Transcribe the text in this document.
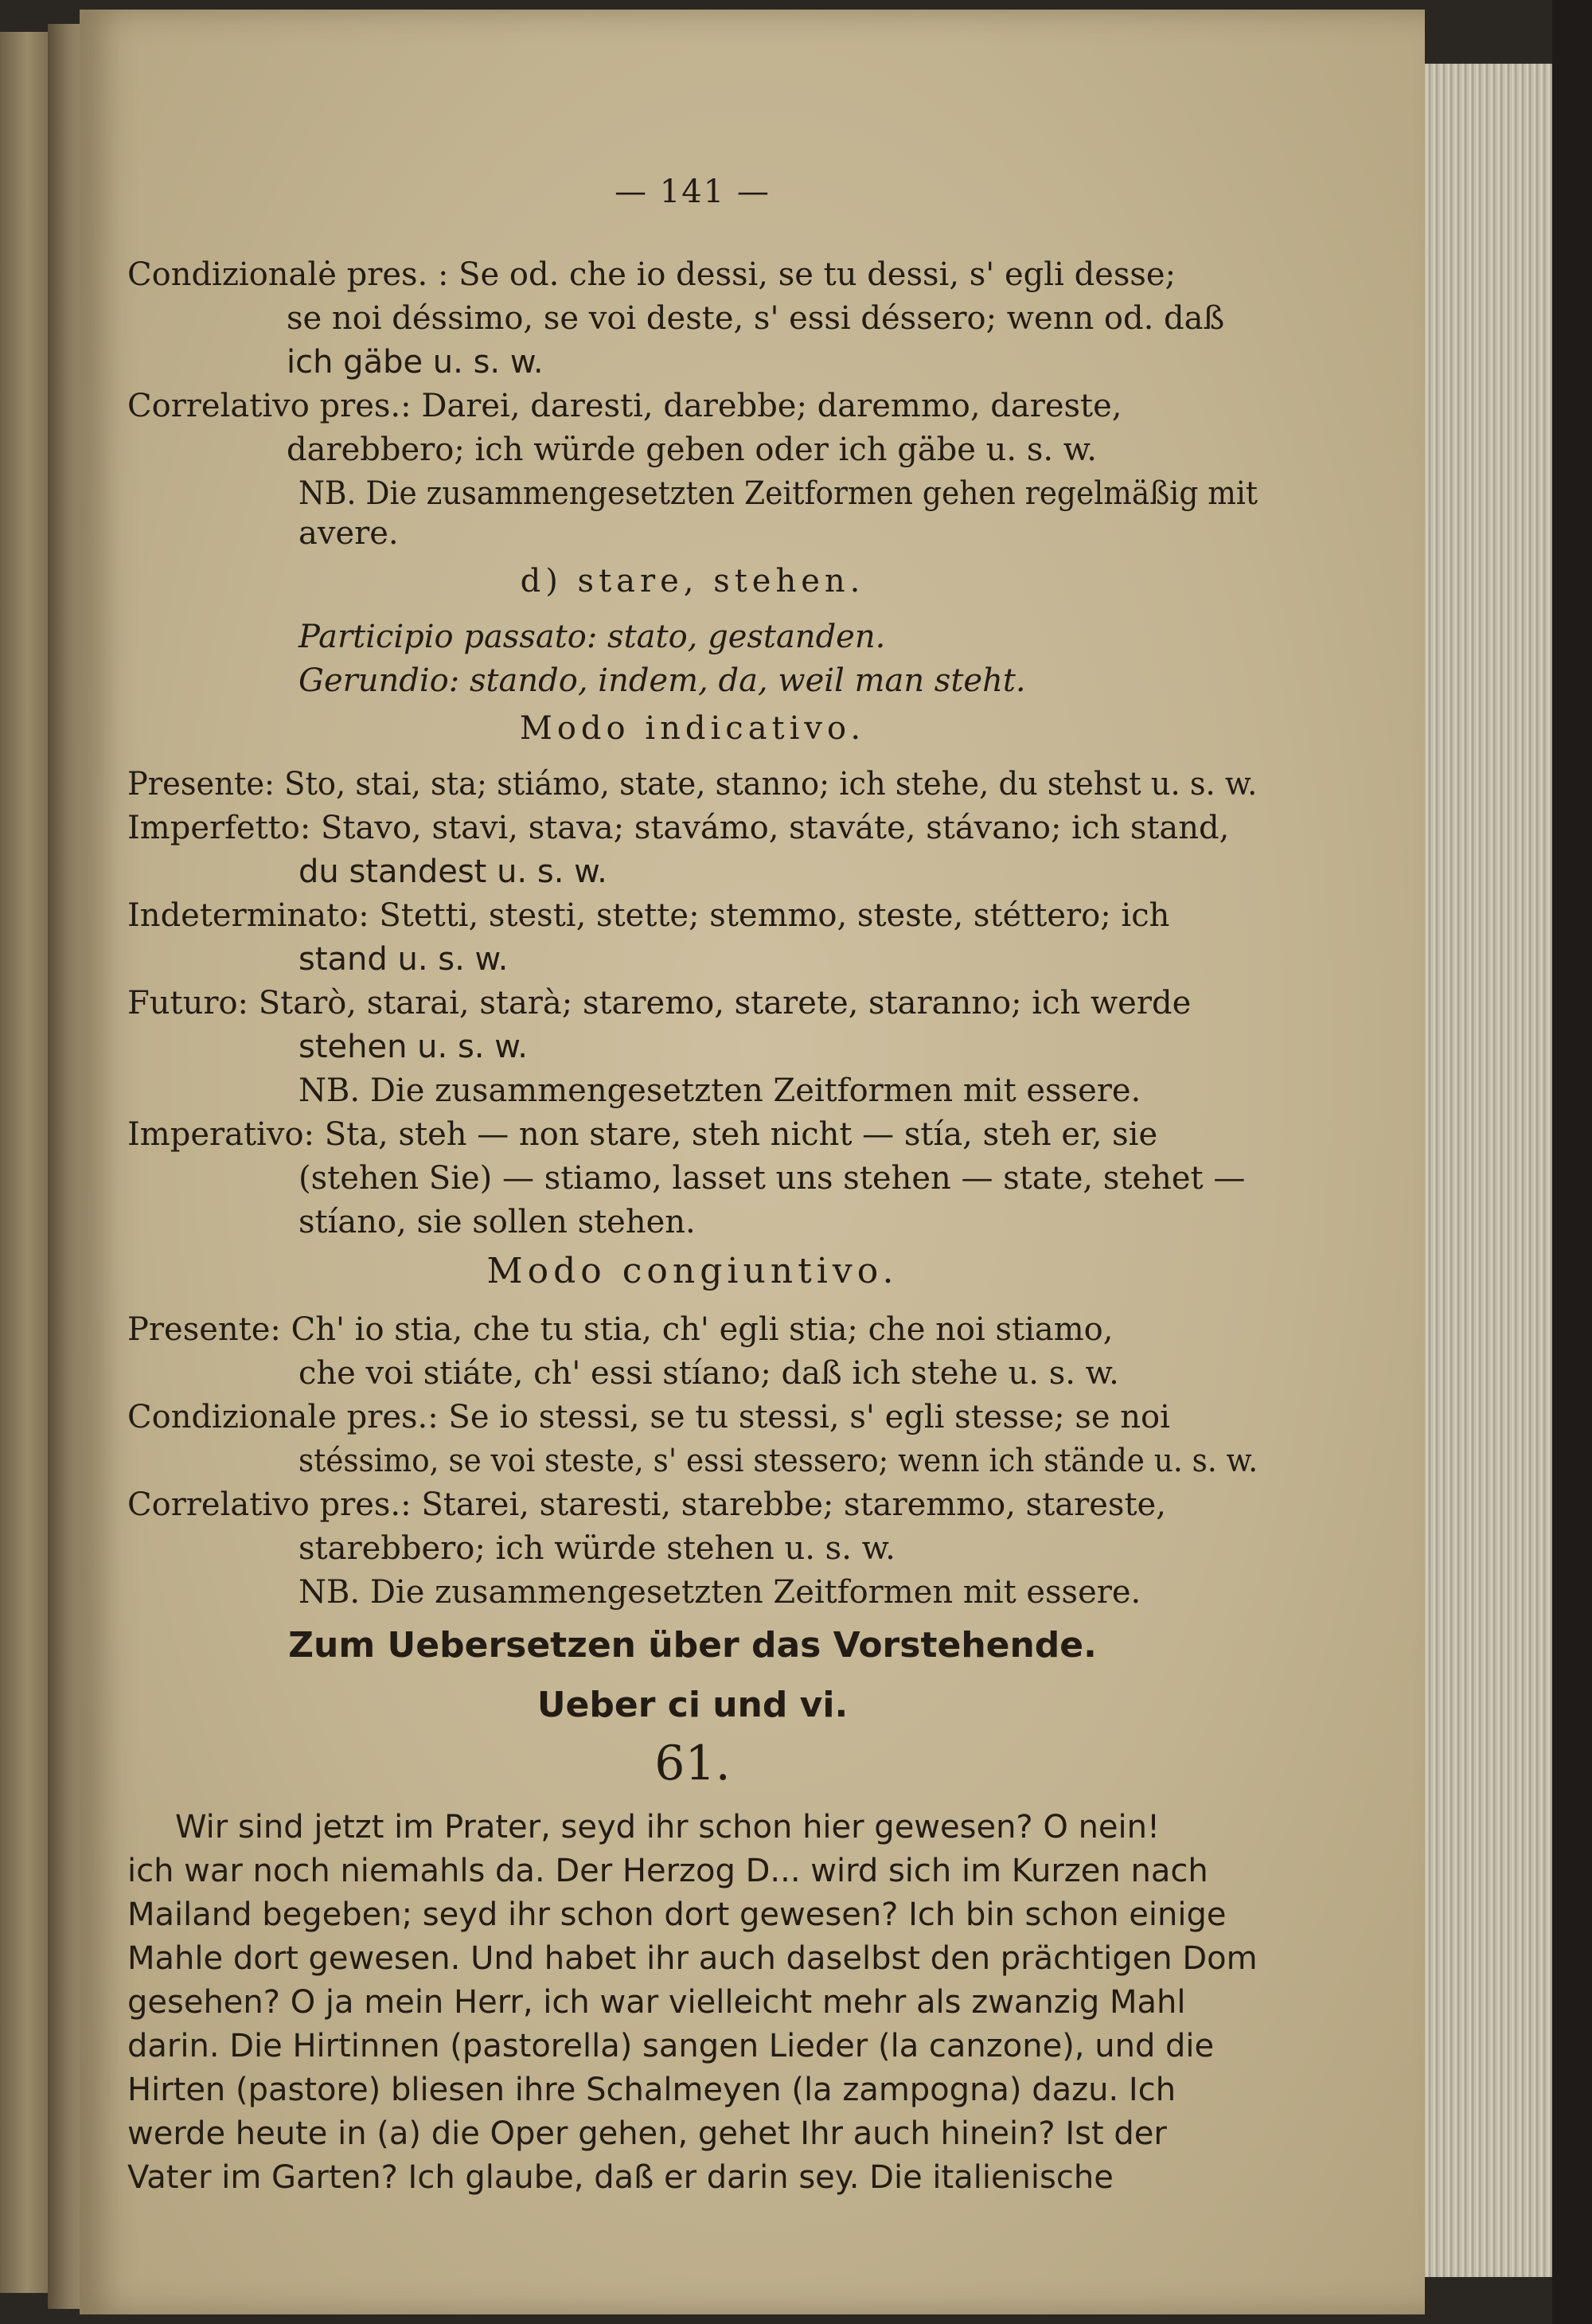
— 141 —
Condizionalė pres. : Se od. che io dessi, se tu dessi, s' egli desse;
se noi déssimo, se voi deste, s' essi déssero; wenn od. daß
ich gäbe u. s. w.
Correlativo pres.: Darei, daresti, darebbe; daremmo, dareste,
darebbero; ich würde geben oder ich gäbe u. s. w.
NB. Die zusammengesetzten Zeitformen gehen regelmäßig mit
avere.
d) stare, stehen.
Participio passato: stato, gestanden.
Gerundio: stando, indem, da, weil man steht.
Modo indicativo.
Presente: Sto, stai, sta; stiámo, state, stanno; ich stehe, du stehst u. s. w.
Imperfetto: Stavo, stavi, stava; stavámo, staváte, stávano; ich stand,
du standest u. s. w.
Indeterminato: Stetti, stesti, stette; stemmo, steste, stéttero; ich
stand u. s. w.
Futuro: Starò, starai, starà; staremo, starete, staranno; ich werde
stehen u. s. w.
NB. Die zusammengesetzten Zeitformen mit essere.
Imperativo: Sta, steh — non stare, steh nicht — stía, steh er, sie
(stehen Sie) — stiamo, lasset uns stehen — state, stehet —
stíano, sie sollen stehen.
Modo congiuntivo.
Presente: Ch' io stia, che tu stia, ch' egli stia; che noi stiamo,
che voi stiáte, ch' essi stíano; daß ich stehe u. s. w.
Condizionale pres.: Se io stessi, se tu stessi, s' egli stesse; se noi
stéssimo, se voi steste, s' essi stessero; wenn ich stände u. s. w.
Correlativo pres.: Starei, staresti, starebbe; staremmo, stareste,
starebbero; ich würde stehen u. s. w.
NB. Die zusammengesetzten Zeitformen mit essere.
Zum Uebersetzen über das Vorstehende.
Ueber ci und vi.
61.
Wir sind jetzt im Prater, seyd ihr schon hier gewesen? O nein!
ich war noch niemahls da. Der Herzog D... wird sich im Kurzen nach
Mailand begeben; seyd ihr schon dort gewesen? Ich bin schon einige
Mahle dort gewesen. Und habet ihr auch daselbst den prächtigen Dom
gesehen? O ja mein Herr, ich war vielleicht mehr als zwanzig Mahl
darin. Die Hirtinnen (pastorella) sangen Lieder (la canzone), und die
Hirten (pastore) bliesen ihre Schalmeyen (la zampogna) dazu. Ich
werde heute in (a) die Oper gehen, gehet Ihr auch hinein? Ist der
Vater im Garten? Ich glaube, daß er darin sey. Die italienische
